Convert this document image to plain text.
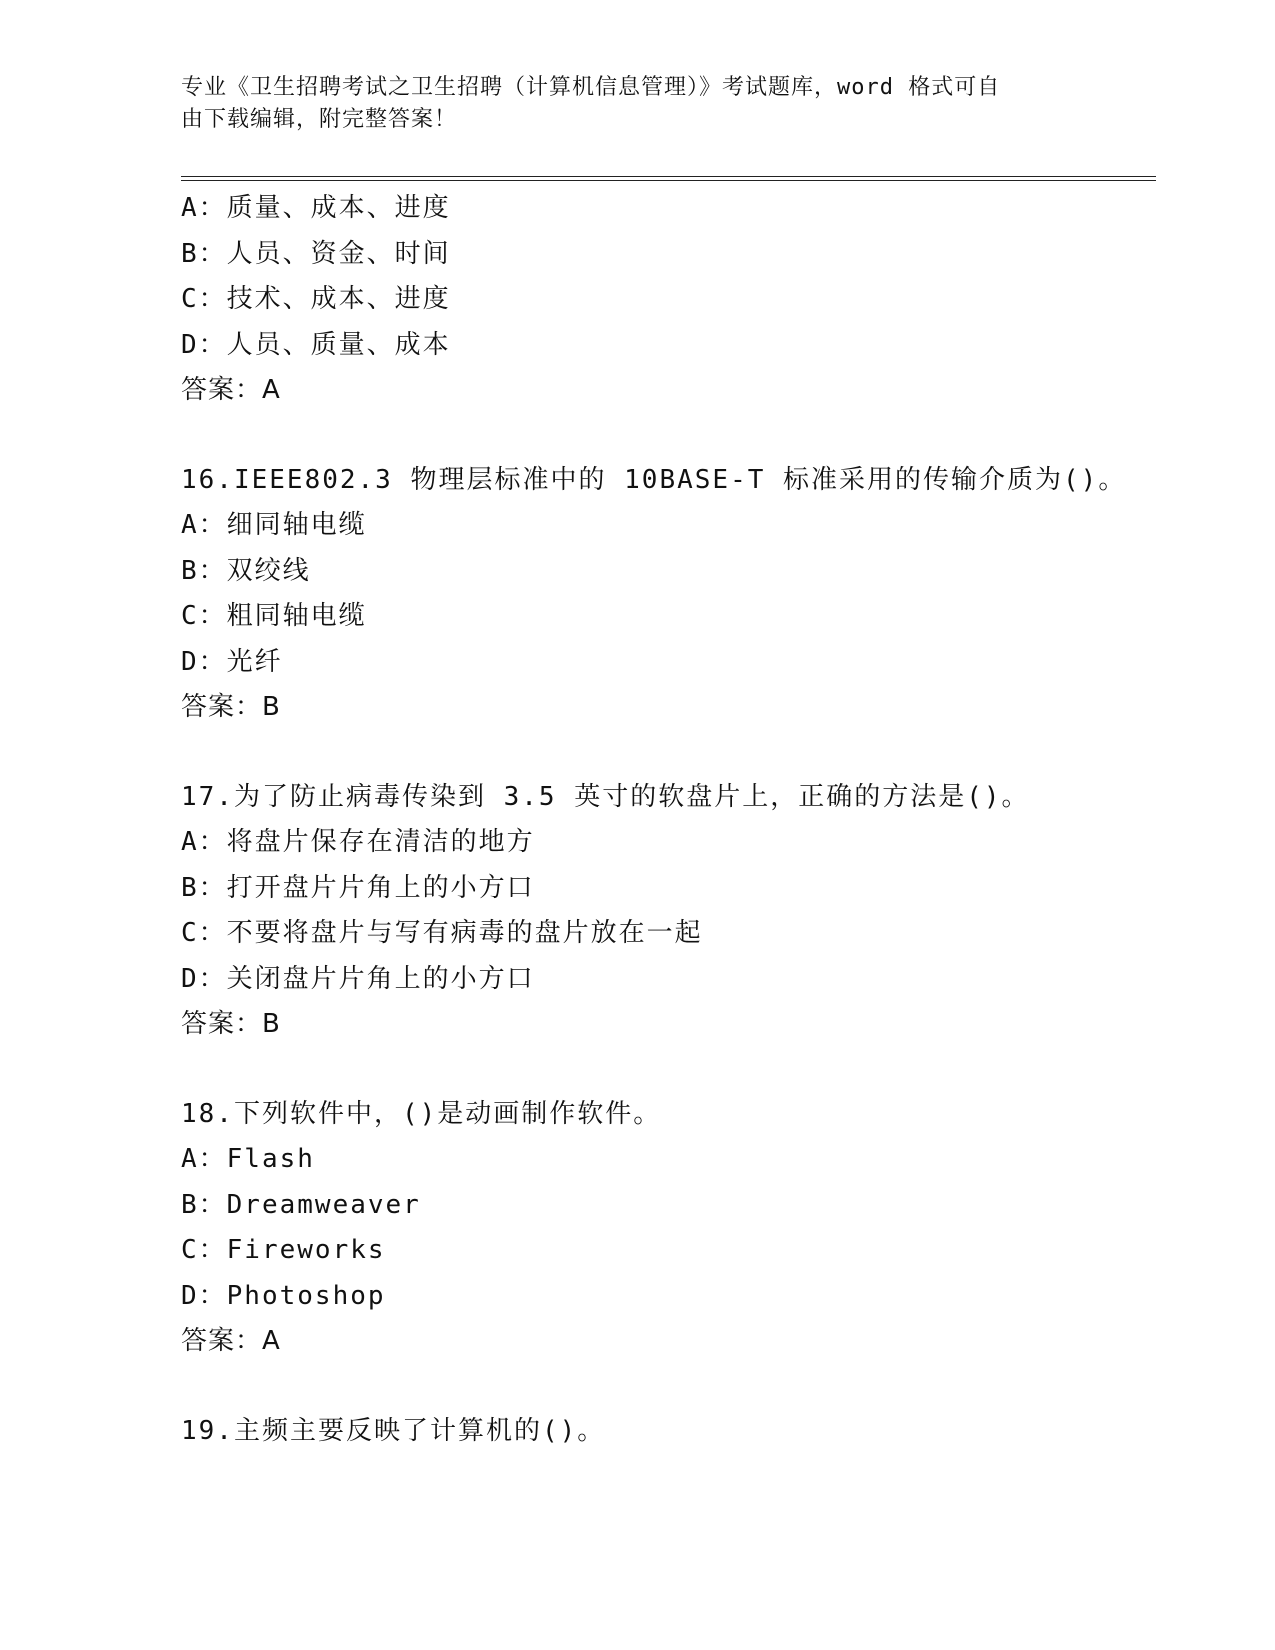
专业《卫生招聘考试之卫生招聘（计算机信息管理）》考试题库，word 格式可自
由下载编辑，附完整答案！
A：质量、成本、进度
B：人员、资金、时间
C：技术、成本、进度
D：人员、质量、成本
答案：A
16.IEEE802.3 物理层标准中的 10BASE-T 标准采用的传输介质为()。
A：细同轴电缆
B：双绞线
C：粗同轴电缆
D：光纤
答案：B
17.为了防止病毒传染到 3.5 英寸的软盘片上，正确的方法是()。
A：将盘片保存在清洁的地方
B：打开盘片片角上的小方口
C：不要将盘片与写有病毒的盘片放在一起
D：关闭盘片片角上的小方口
答案：B
18.下列软件中，()是动画制作软件。
A：Flash
B：Dreamweaver
C：Fireworks
D：Photoshop
答案：A
19.主频主要反映了计算机的()。
